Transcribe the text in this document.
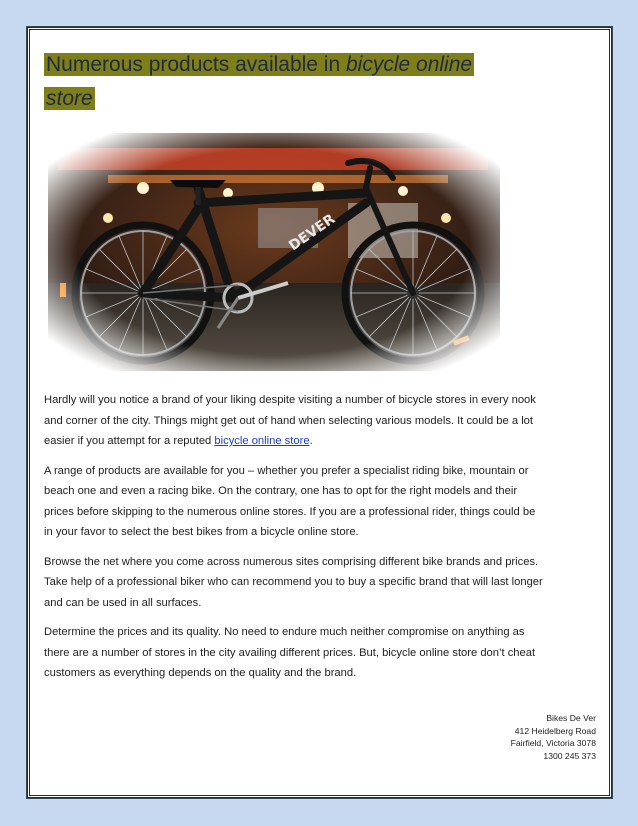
Numerous products available in bicycle online store

Hardly will you notice a brand of your liking despite visiting a number of bicycle stores in every nook and corner of the city. Things might get out of hand when selecting various models. It could be a lot easier if you attempt for a reputed bicycle online store.

A range of products are available for you – whether you prefer a specialist riding bike, mountain or beach one and even a racing bike. On the contrary, one has to opt for the right models and their prices before skipping to the numerous online stores. If you are a professional rider, things could be in your favor to select the best bikes from a bicycle online store.

Browse the net where you come across numerous sites comprising different bike brands and prices. Take help of a professional biker who can recommend you to buy a specific brand that will last longer and can be used in all surfaces.

Determine the prices and its quality. No need to endure much neither compromise on anything as there are a number of stores in the city availing different prices. But, bicycle online store don’t cheat customers as everything depends on the quality and the brand.

Bikes De Ver
412 Heidelberg Road
Fairfield, Victoria 3078
1300 245 373
